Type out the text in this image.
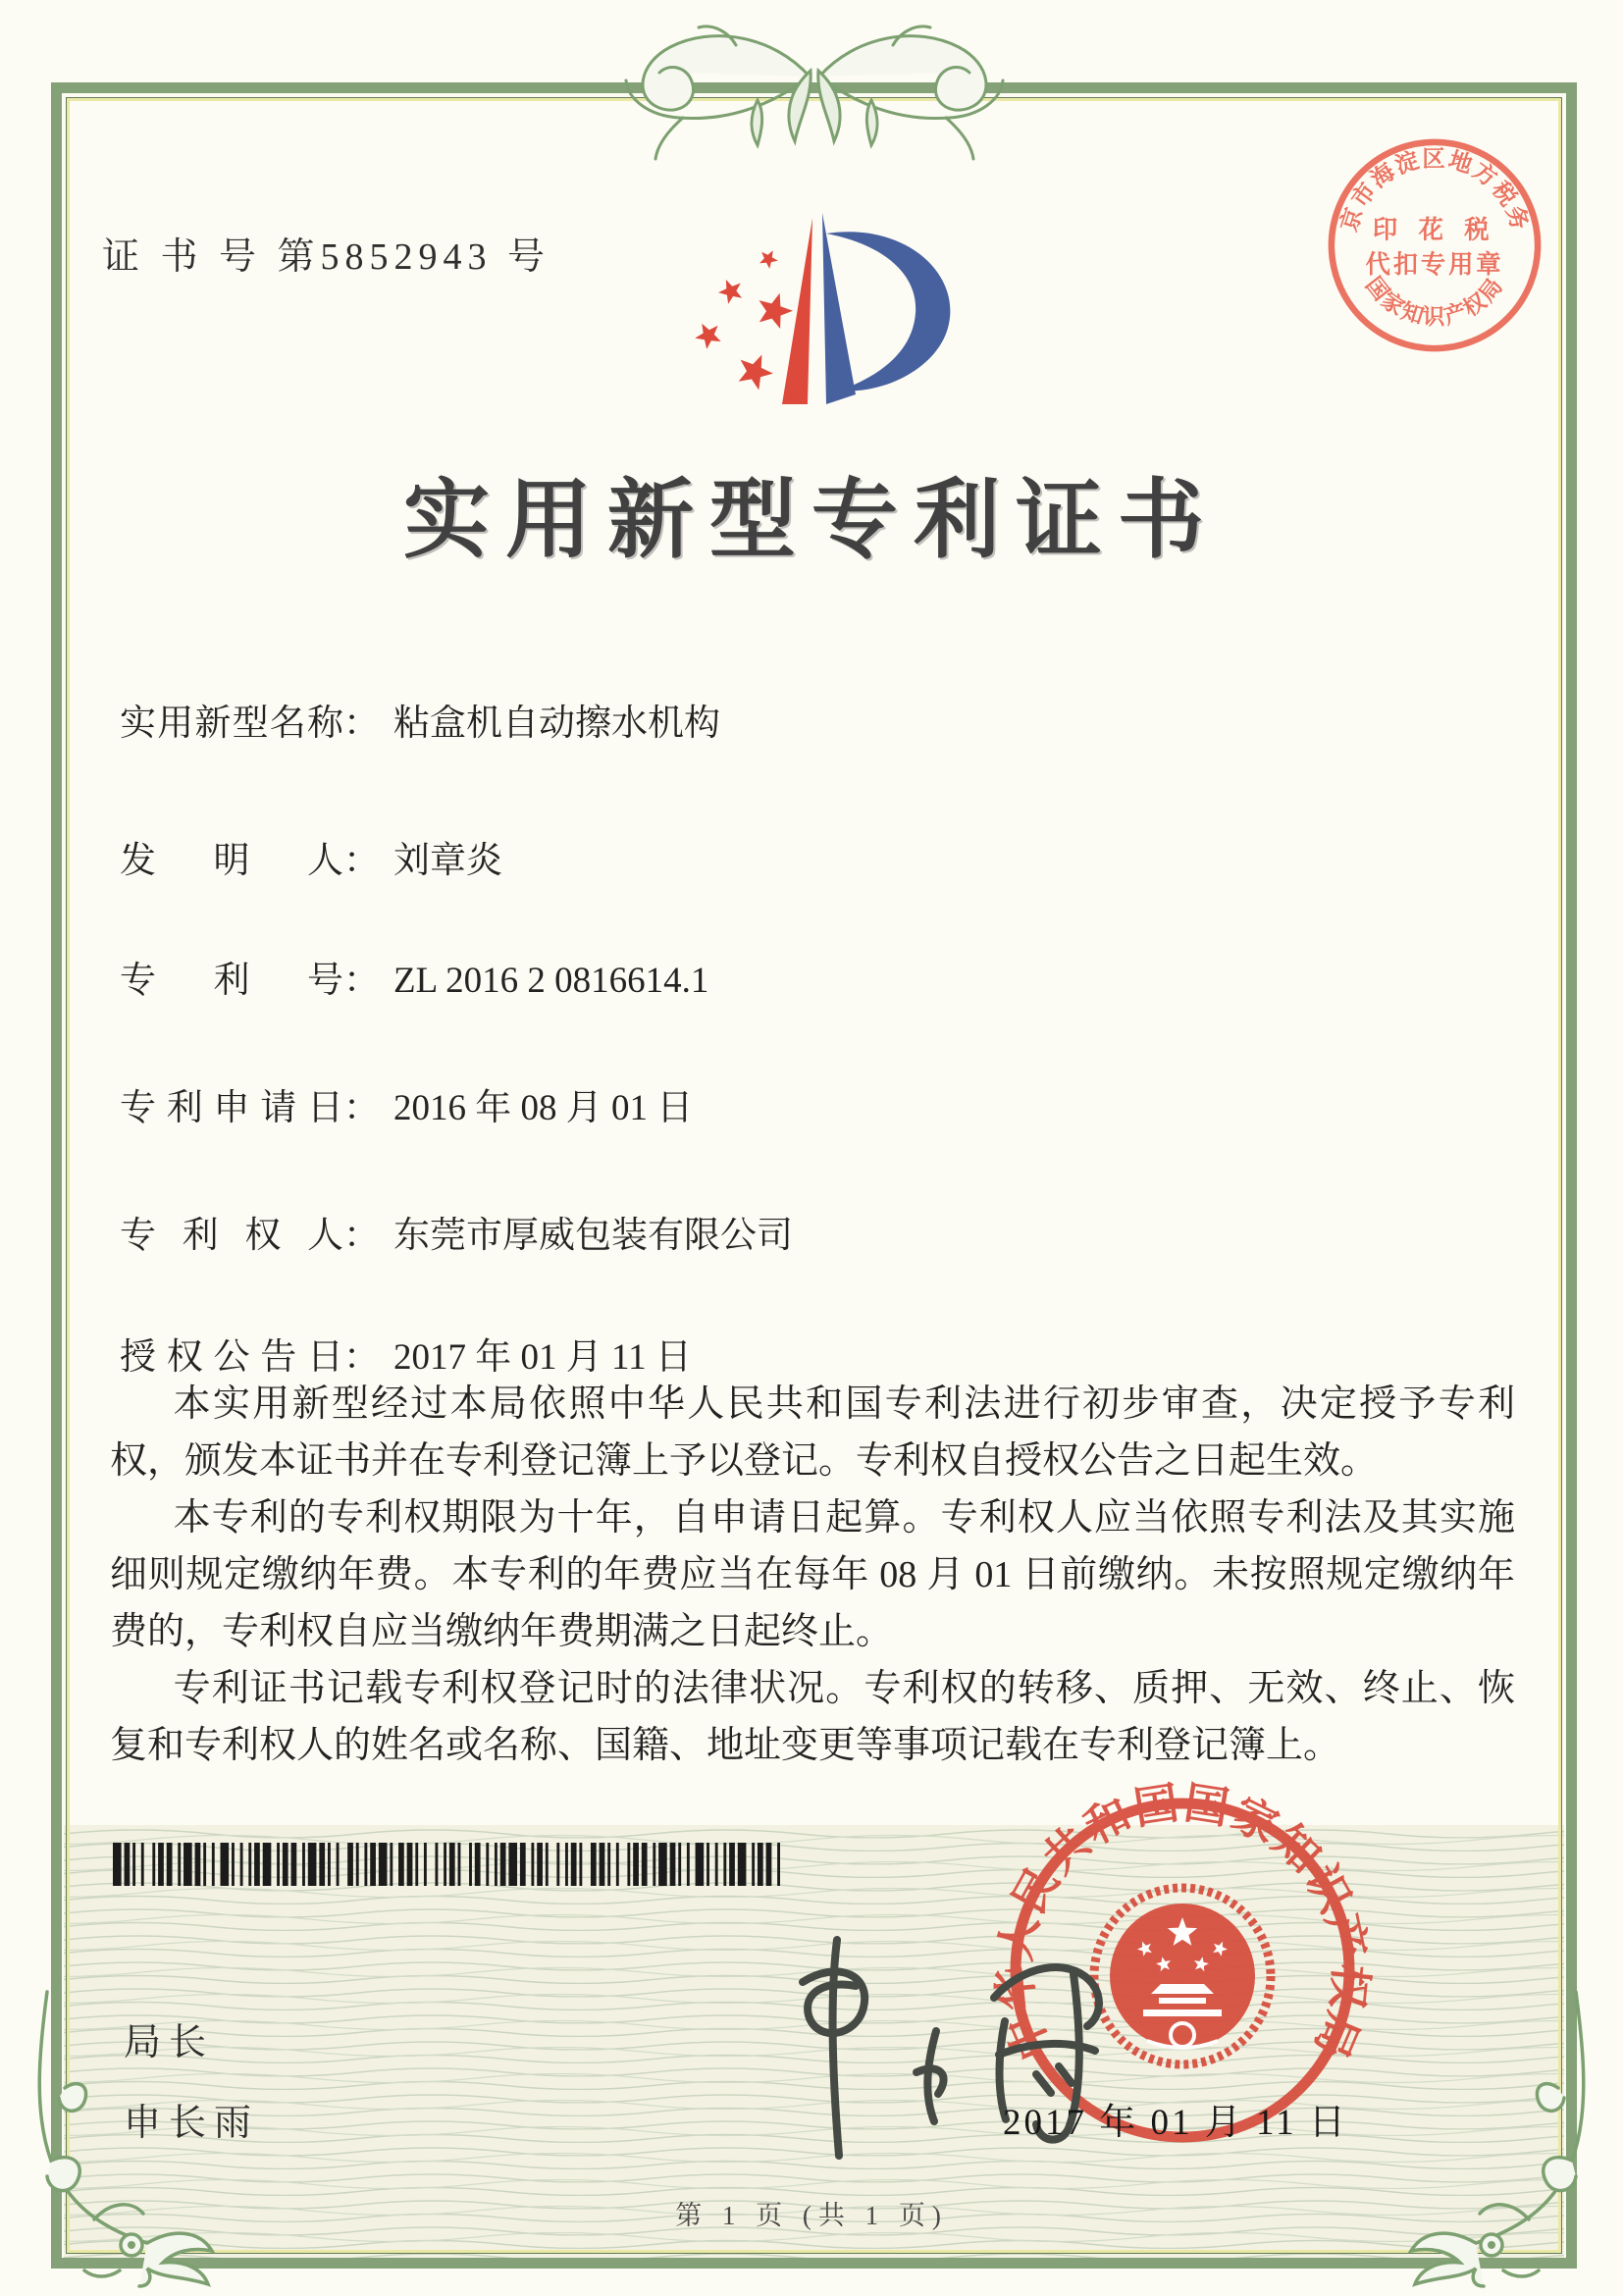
证 书 号 第5852943 号
北京市海淀区地方税务局
国家知识产权局
印 花 税
代扣专用章
实用新型专利证书
实用新型名称： 粘盒机自动擦水机构
发明人： 刘章炎
专利号： ZL 2016 2 0816614.1
专利申请日： 2016 年 08 月 01 日
专利权人： 东莞市厚威包装有限公司
授权公告日： 2017 年 01 月 11 日

本实用新型经过本局依照中华人民共和国专利法进行初步审查，决定授予专利权，颁发本证书并在专利登记簿上予以登记。专利权自授权公告之日起生效。

本专利的专利权期限为十年，自申请日起算。专利权人应当依照专利法及其实施细则规定缴纳年费。本专利的年费应当在每年 08 月 01 日前缴纳。未按照规定缴纳年费的，专利权自应当缴纳年费期满之日起终止。

专利证书记载专利权登记时的法律状况。专利权的转移、质押、无效、终止、恢复和专利权人的姓名或名称、国籍、地址变更等事项记载在专利登记簿上。

局长
申长雨
中华人民共和国国家知识产权局
2017 年 01 月 11 日
第 1 页 (共 1 页)
